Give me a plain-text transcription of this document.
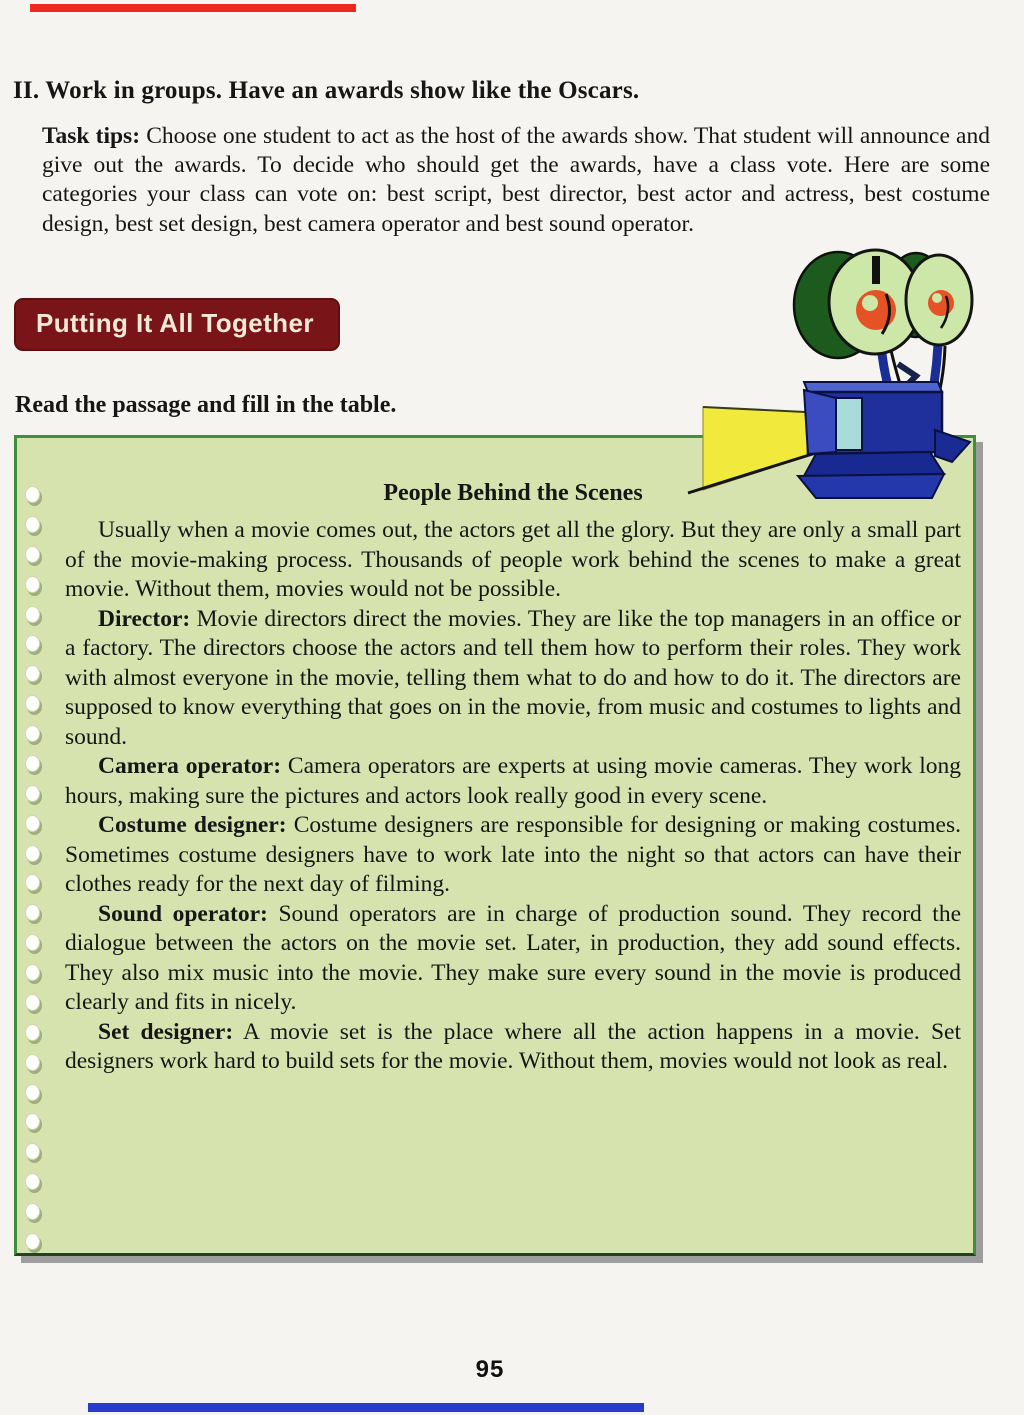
II. Work in groups. Have an awards show like the Oscars.

Task tips: Choose one student to act as the host of the awards show. That student will announce and give out the awards. To decide who should get the awards, have a class vote. Here are some categories your class can vote on: best script, best director, best actor and actress, best costume design, best set design, best camera operator and best sound operator.

Putting It All Together

Read the passage and fill in the table.

People Behind the Scenes

Usually when a movie comes out, the actors get all the glory. But they are only a small part of the movie-making process. Thousands of people work behind the scenes to make a great movie. Without them, movies would not be possible.

Director: Movie directors direct the movies. They are like the top managers in an office or a factory. The directors choose the actors and tell them how to perform their roles. They work with almost everyone in the movie, telling them what to do and how to do it. The directors are supposed to know everything that goes on in the movie, from music and costumes to lights and sound.

Camera operator: Camera operators are experts at using movie cameras. They work long hours, making sure the pictures and actors look really good in every scene.

Costume designer: Costume designers are responsible for designing or making costumes. Sometimes costume designers have to work late into the night so that actors can have their clothes ready for the next day of filming.

Sound operator: Sound operators are in charge of production sound. They record the dialogue between the actors on the movie set. Later, in production, they add sound effects. They also mix music into the movie. They make sure every sound in the movie is produced clearly and fits in nicely.

Set designer: A movie set is the place where all the action happens in a movie. Set designers work hard to build sets for the movie. Without them, movies would not look as real.

95
